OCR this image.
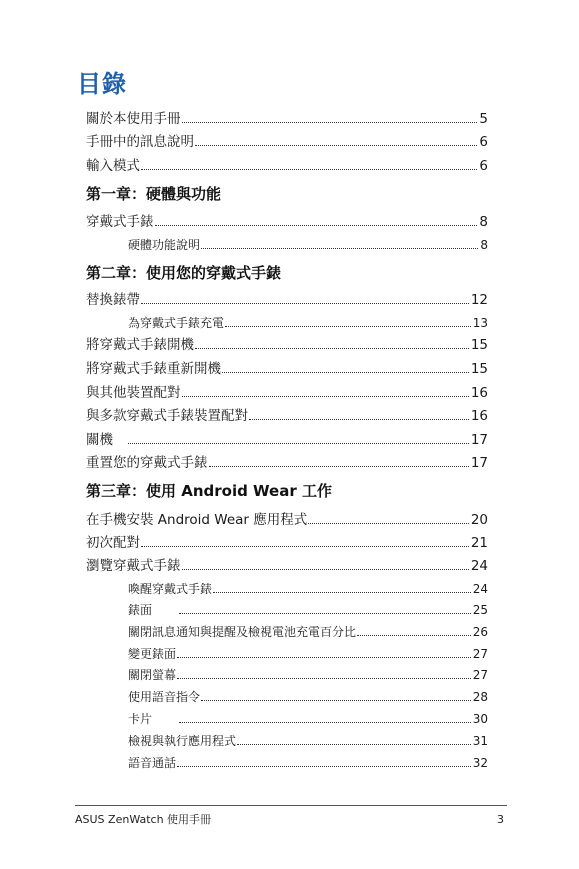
目錄
關於本使用手冊	5
手冊中的訊息說明	6
輸入模式	6
第一章：硬體與功能
穿戴式手錶	8
硬體功能說明	8
第二章：使用您的穿戴式手錶
替換錶帶	12
為穿戴式手錶充電	13
將穿戴式手錶開機	15
將穿戴式手錶重新開機	15
與其他裝置配對	16
與多款穿戴式手錶裝置配對	16
關機	17
重置您的穿戴式手錶	17
第三章：使用 Android Wear 工作
在手機安裝 Android Wear 應用程式	20
初次配對	21
瀏覽穿戴式手錶	24
喚醒穿戴式手錶	24
錶面	25
關閉訊息通知與提醒及檢視電池充電百分比	26
變更錶面	27
關閉螢幕	27
使用語音指令	28
卡片	30
檢視與執行應用程式	31
語音通話	32
ASUS ZenWatch 使用手冊	3
